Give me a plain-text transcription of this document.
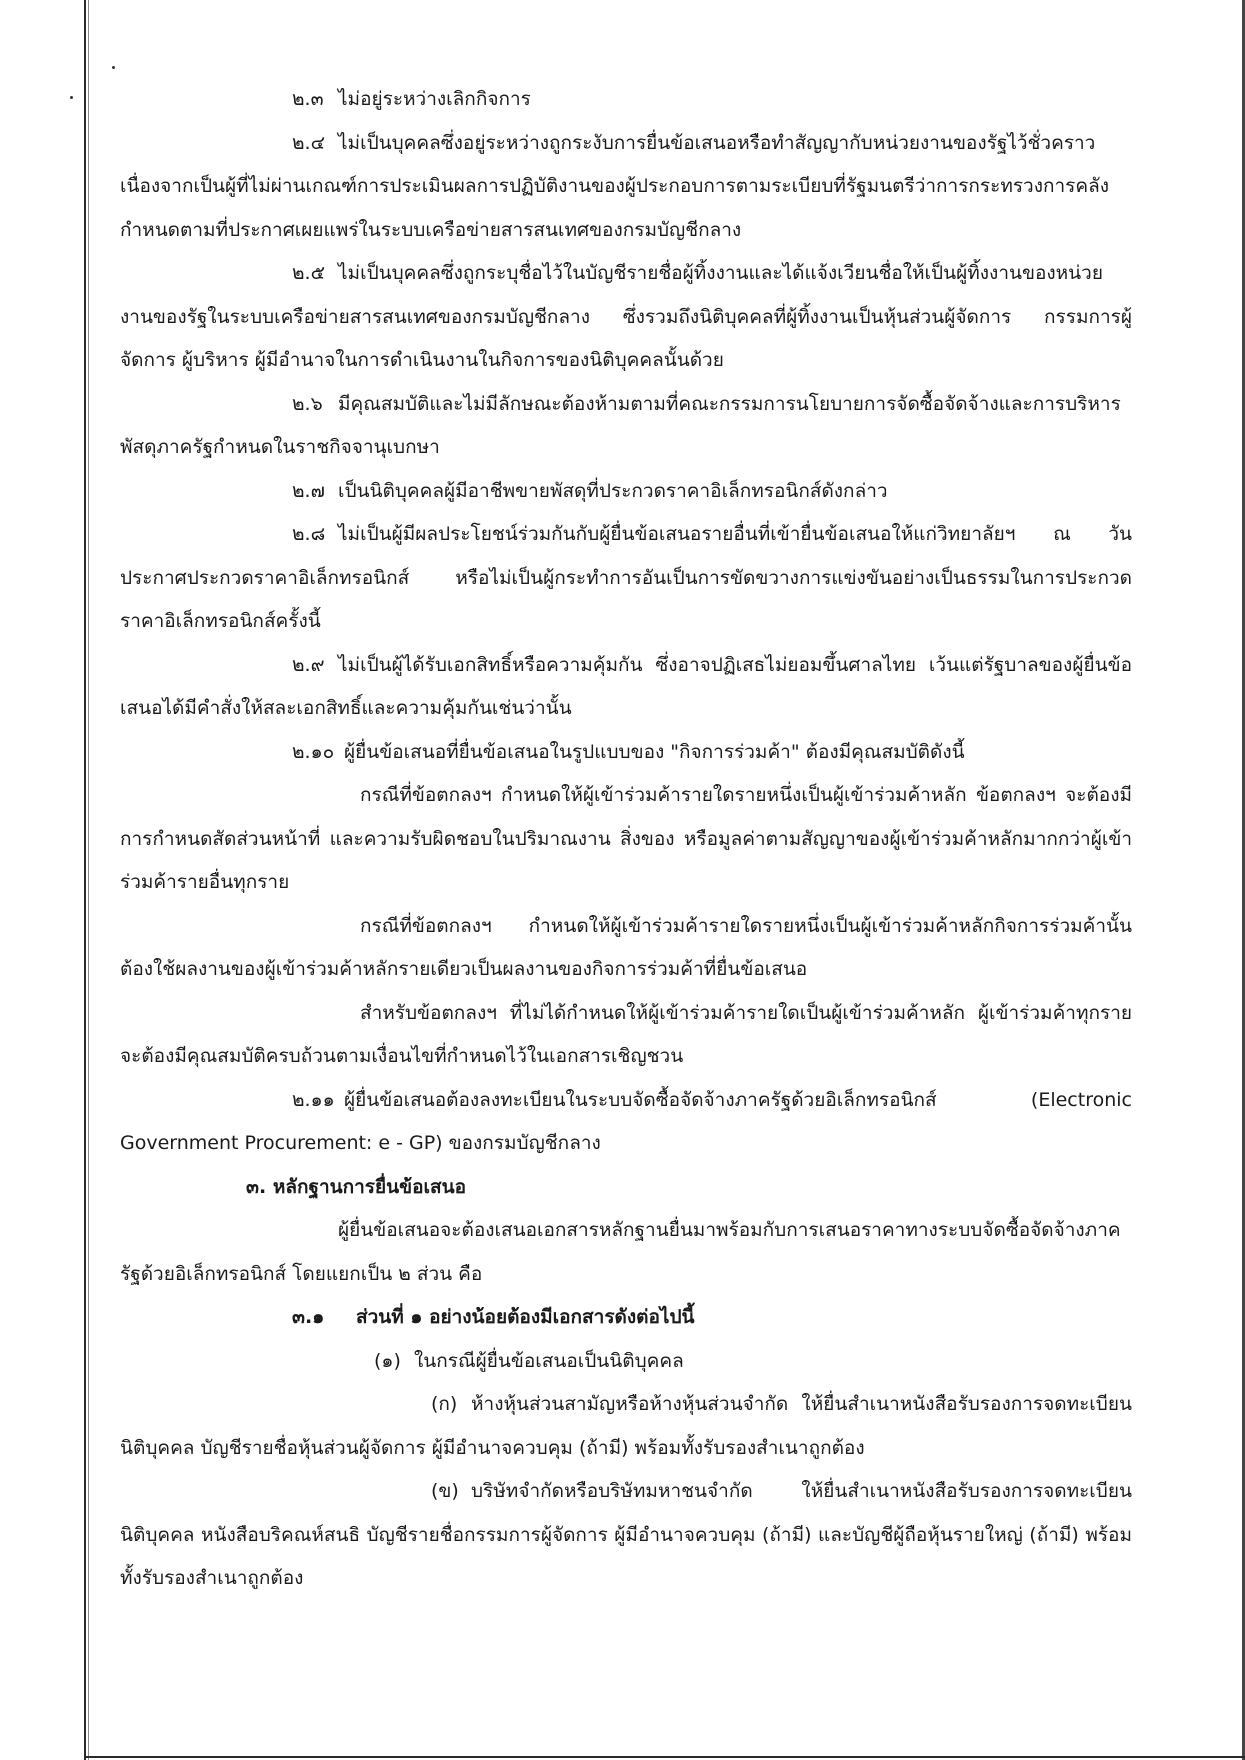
๒.๓ ไม่อยู่ระหว่างเลิกกิจการ

๒.๔ ไม่เป็นบุคคลซึ่งอยู่ระหว่างถูกระงับการยื่นข้อเสนอหรือทำสัญญากับหน่วยงานของรัฐไว้ชั่วคราว เนื่องจากเป็นผู้ที่ไม่ผ่านเกณฑ์การประเมินผลการปฏิบัติงานของผู้ประกอบการตามระเบียบที่รัฐมนตรีว่าการกระทรวงการคลังกำหนดตามที่ประกาศเผยแพร่ในระบบเครือข่ายสารสนเทศของกรมบัญชีกลาง

๒.๕ ไม่เป็นบุคคลซึ่งถูกระบุชื่อไว้ในบัญชีรายชื่อผู้ทิ้งงานและได้แจ้งเวียนชื่อให้เป็นผู้ทิ้งงานของหน่วยงานของรัฐในระบบเครือข่ายสารสนเทศของกรมบัญชีกลาง ซึ่งรวมถึงนิติบุคคลที่ผู้ทิ้งงานเป็นหุ้นส่วนผู้จัดการ กรรมการผู้จัดการ ผู้บริหาร ผู้มีอำนาจในการดำเนินงานในกิจการของนิติบุคคลนั้นด้วย

๒.๖ มีคุณสมบัติและไม่มีลักษณะต้องห้ามตามที่คณะกรรมการนโยบายการจัดซื้อจัดจ้างและการบริหารพัสดุภาครัฐกำหนดในราชกิจจานุเบกษา

๒.๗ เป็นนิติบุคคลผู้มีอาชีพขายพัสดุที่ประกวดราคาอิเล็กทรอนิกส์ดังกล่าว

๒.๘ ไม่เป็นผู้มีผลประโยชน์ร่วมกันกับผู้ยื่นข้อเสนอรายอื่นที่เข้ายื่นข้อเสนอให้แก่วิทยาลัยฯ ณ วันประกาศประกวดราคาอิเล็กทรอนิกส์ หรือไม่เป็นผู้กระทำการอันเป็นการขัดขวางการแข่งขันอย่างเป็นธรรมในการประกวดราคาอิเล็กทรอนิกส์ครั้งนี้

๒.๙ ไม่เป็นผู้ได้รับเอกสิทธิ์หรือความคุ้มกัน ซึ่งอาจปฏิเสธไม่ยอมขึ้นศาลไทย เว้นแต่รัฐบาลของผู้ยื่นข้อเสนอได้มีคำสั่งให้สละเอกสิทธิ์และความคุ้มกันเช่นว่านั้น

๒.๑๐ ผู้ยื่นข้อเสนอที่ยื่นข้อเสนอในรูปแบบของ "กิจการร่วมค้า" ต้องมีคุณสมบัติดังนี้

กรณีที่ข้อตกลงฯ กำหนดให้ผู้เข้าร่วมค้ารายใดรายหนึ่งเป็นผู้เข้าร่วมค้าหลัก ข้อตกลงฯ จะต้องมีการกำหนดสัดส่วนหน้าที่ และความรับผิดชอบในปริมาณงาน สิ่งของ หรือมูลค่าตามสัญญาของผู้เข้าร่วมค้าหลักมากกว่าผู้เข้าร่วมค้ารายอื่นทุกราย

กรณีที่ข้อตกลงฯ กำหนดให้ผู้เข้าร่วมค้ารายใดรายหนึ่งเป็นผู้เข้าร่วมค้าหลักกิจการร่วมค้านั้นต้องใช้ผลงานของผู้เข้าร่วมค้าหลักรายเดียวเป็นผลงานของกิจการร่วมค้าที่ยื่นข้อเสนอ

สำหรับข้อตกลงฯ ที่ไม่ได้กำหนดให้ผู้เข้าร่วมค้ารายใดเป็นผู้เข้าร่วมค้าหลัก ผู้เข้าร่วมค้าทุกรายจะต้องมีคุณสมบัติครบถ้วนตามเงื่อนไขที่กำหนดไว้ในเอกสารเชิญชวน

๒.๑๑ ผู้ยื่นข้อเสนอต้องลงทะเบียนในระบบจัดซื้อจัดจ้างภาครัฐด้วยอิเล็กทรอนิกส์ (Electronic Government Procurement: e - GP) ของกรมบัญชีกลาง

๓. หลักฐานการยื่นข้อเสนอ

ผู้ยื่นข้อเสนอจะต้องเสนอเอกสารหลักฐานยื่นมาพร้อมกับการเสนอราคาทางระบบจัดซื้อจัดจ้างภาครัฐด้วยอิเล็กทรอนิกส์ โดยแยกเป็น ๒ ส่วน คือ

๓.๑ ส่วนที่ ๑ อย่างน้อยต้องมีเอกสารดังต่อไปนี้

(๑) ในกรณีผู้ยื่นข้อเสนอเป็นนิติบุคคล

(ก) ห้างหุ้นส่วนสามัญหรือห้างหุ้นส่วนจำกัด ให้ยื่นสำเนาหนังสือรับรองการจดทะเบียนนิติบุคคล บัญชีรายชื่อหุ้นส่วนผู้จัดการ ผู้มีอำนาจควบคุม (ถ้ามี) พร้อมทั้งรับรองสำเนาถูกต้อง

(ข) บริษัทจำกัดหรือบริษัทมหาชนจำกัด ให้ยื่นสำเนาหนังสือรับรองการจดทะเบียนนิติบุคคล หนังสือบริคณห์สนธิ บัญชีรายชื่อกรรมการผู้จัดการ ผู้มีอำนาจควบคุม (ถ้ามี) และบัญชีผู้ถือหุ้นรายใหญ่ (ถ้ามี) พร้อมทั้งรับรองสำเนาถูกต้อง
